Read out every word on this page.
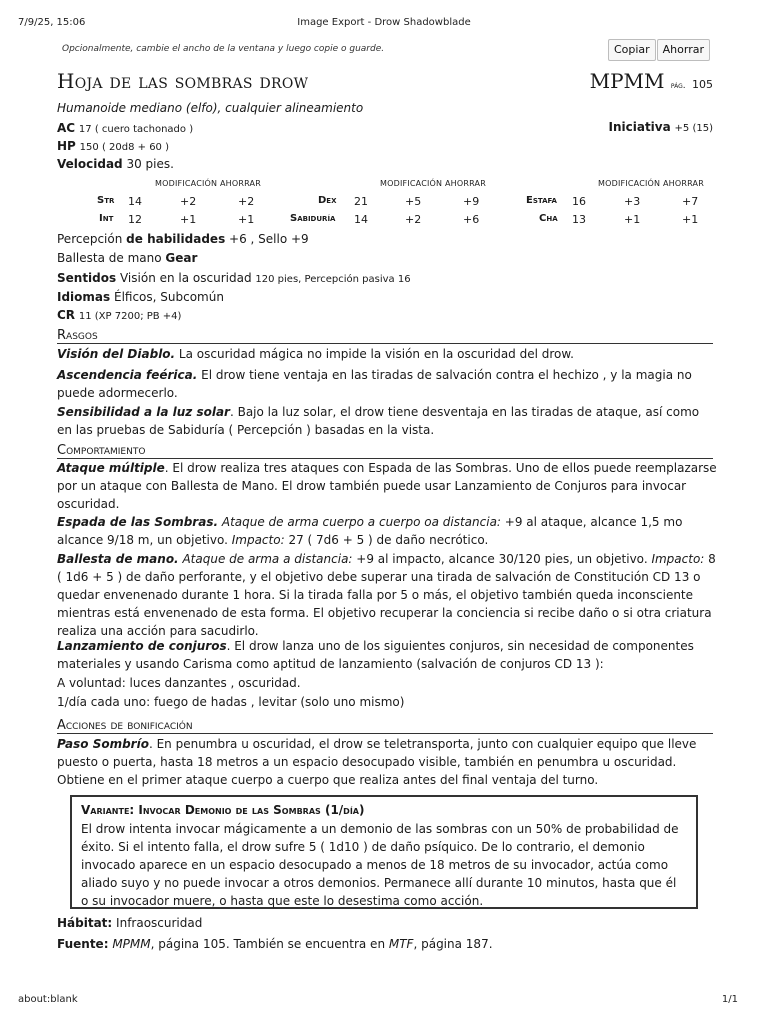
7/9/25, 15:06	Image Export - Drow Shadowblade
about:blank	1/1
Opcionalmente, cambie el ancho de la ventana y luego copie o guarde.	Copiar	Ahorrar
Hoja de las sombras drow	MPMM pág. 105
Humanoide mediano (elfo), cualquier alineamiento
AC 17 ( cuero tachonado )	Iniciativa +5 (15)
HP 150 ( 20d8 + 60 )
Velocidad 30 pies.
MODIFICACIÓN AHORRAR	MODIFICACIÓN AHORRAR	MODIFICACIÓN AHORRAR
Str 14	+2	+2	Dex 21	+5	+9	Estafa 16	+3	+7
Int 12	+1	+1	Sabiduría 14	+2	+6	Cha 13	+1	+1
Percepción de habilidades +6 , Sello +9
Ballesta de mano Gear
Sentidos Visión en la oscuridad 120 pies, Percepción pasiva 16
Idiomas Élficos, Subcomún
CR 11 (XP 7200; PB +4)
Rasgos
Visión del Diablo. La oscuridad mágica no impide la visión en la oscuridad del drow.
Ascendencia feérica. El drow tiene ventaja en las tiradas de salvación contra el hechizo , y la magia no puede adormecerlo.
Sensibilidad a la luz solar. Bajo la luz solar, el drow tiene desventaja en las tiradas de ataque, así como en las pruebas de Sabiduría ( Percepción ) basadas en la vista.
Comportamiento
Ataque múltiple. El drow realiza tres ataques con Espada de las Sombras. Uno de ellos puede reemplazarse por un ataque con Ballesta de Mano. El drow también puede usar Lanzamiento de Conjuros para invocar oscuridad.
Espada de las Sombras. Ataque de arma cuerpo a cuerpo oa distancia: +9 al ataque, alcance 1,5 mo alcance 9/18 m, un objetivo. Impacto: 27 ( 7d6 + 5 ) de daño necrótico.
Ballesta de mano. Ataque de arma a distancia: +9 al impacto, alcance 30/120 pies, un objetivo. Impacto: 8 ( 1d6 + 5 ) de daño perforante, y el objetivo debe superar una tirada de salvación de Constitución CD 13 o quedar envenenado durante 1 hora. Si la tirada falla por 5 o más, el objetivo también queda inconsciente mientras está envenenado de esta forma. El objetivo recuperar la conciencia si recibe daño o si otra criatura realiza una acción para sacudirlo.
Lanzamiento de conjuros. El drow lanza uno de los siguientes conjuros, sin necesidad de componentes materiales y usando Carisma como aptitud de lanzamiento (salvación de conjuros CD 13 ):
A voluntad: luces danzantes , oscuridad.
1/día cada uno: fuego de hadas , levitar (solo uno mismo)
Acciones de bonificación
Paso Sombrío. En penumbra u oscuridad, el drow se teletransporta, junto con cualquier equipo que lleve puesto o puerta, hasta 18 metros a un espacio desocupado visible, también en penumbra u oscuridad. Obtiene en el primer ataque cuerpo a cuerpo que realiza antes del final ventaja del turno.
Variante: Invocar Demonio de las Sombras (1/día)
El drow intenta invocar mágicamente a un demonio de las sombras con un 50% de probabilidad de éxito. Si el intento falla, el drow sufre 5 ( 1d10 ) de daño psíquico. De lo contrario, el demonio invocado aparece en un espacio desocupado a menos de 18 metros de su invocador, actúa como aliado suyo y no puede invocar a otros demonios. Permanece allí durante 10 minutos, hasta que él o su invocador muere, o hasta que este lo desestima como acción.
Hábitat: Infraoscuridad
Fuente: MPMM, página 105. También se encuentra en MTF, página 187.
